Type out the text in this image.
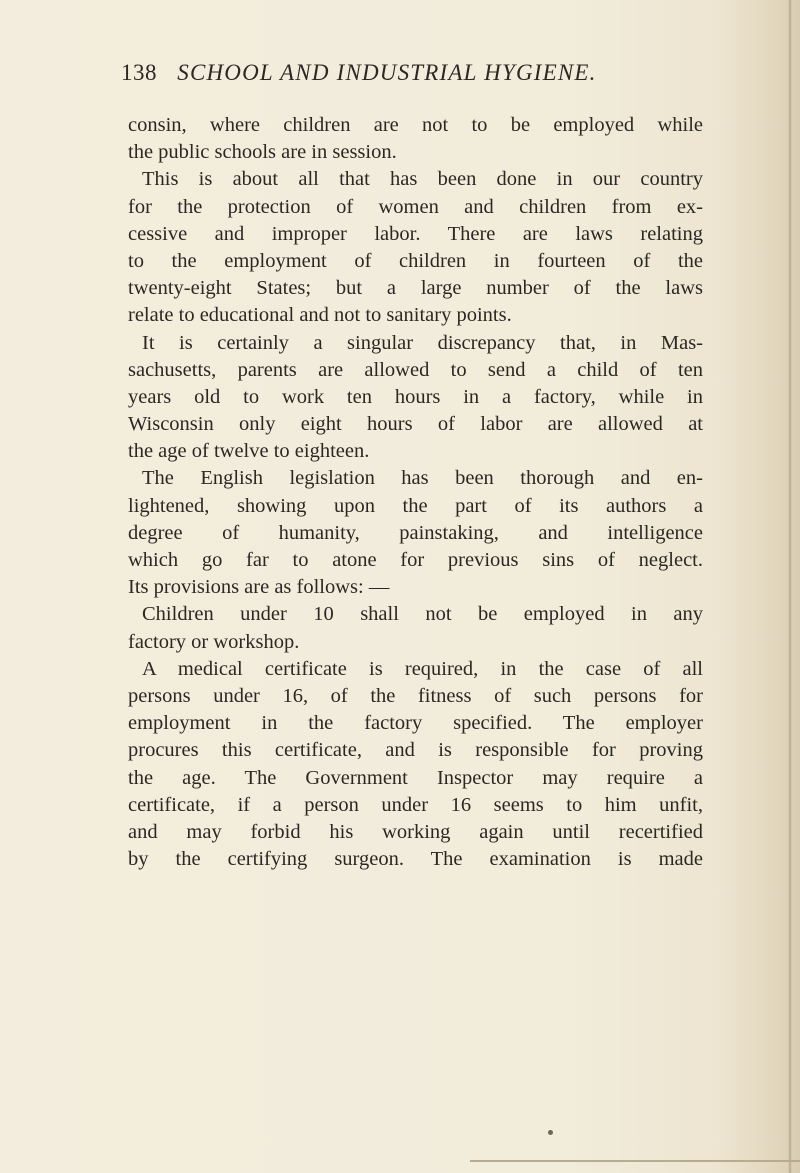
138 SCHOOL AND INDUSTRIAL HYGIENE.
consin, where children are not to be employed while
the public schools are in session.
This is about all that has been done in our country
for the protection of women and children from ex-
cessive and improper labor. There are laws relating
to the employment of children in fourteen of the
twenty-eight States; but a large number of the laws
relate to educational and not to sanitary points.
It is certainly a singular discrepancy that, in Mas-
sachusetts, parents are allowed to send a child of ten
years old to work ten hours in a factory, while in
Wisconsin only eight hours of labor are allowed at
the age of twelve to eighteen.
The English legislation has been thorough and en-
lightened, showing upon the part of its authors a
degree of humanity, painstaking, and intelligence
which go far to atone for previous sins of neglect.
Its provisions are as follows: —
Children under 10 shall not be employed in any
factory or workshop.
A medical certificate is required, in the case of all
persons under 16, of the fitness of such persons for
employment in the factory specified. The employer
procures this certificate, and is responsible for proving
the age. The Government Inspector may require a
certificate, if a person under 16 seems to him unfit,
and may forbid his working again until recertified
by the certifying surgeon. The examination is made
